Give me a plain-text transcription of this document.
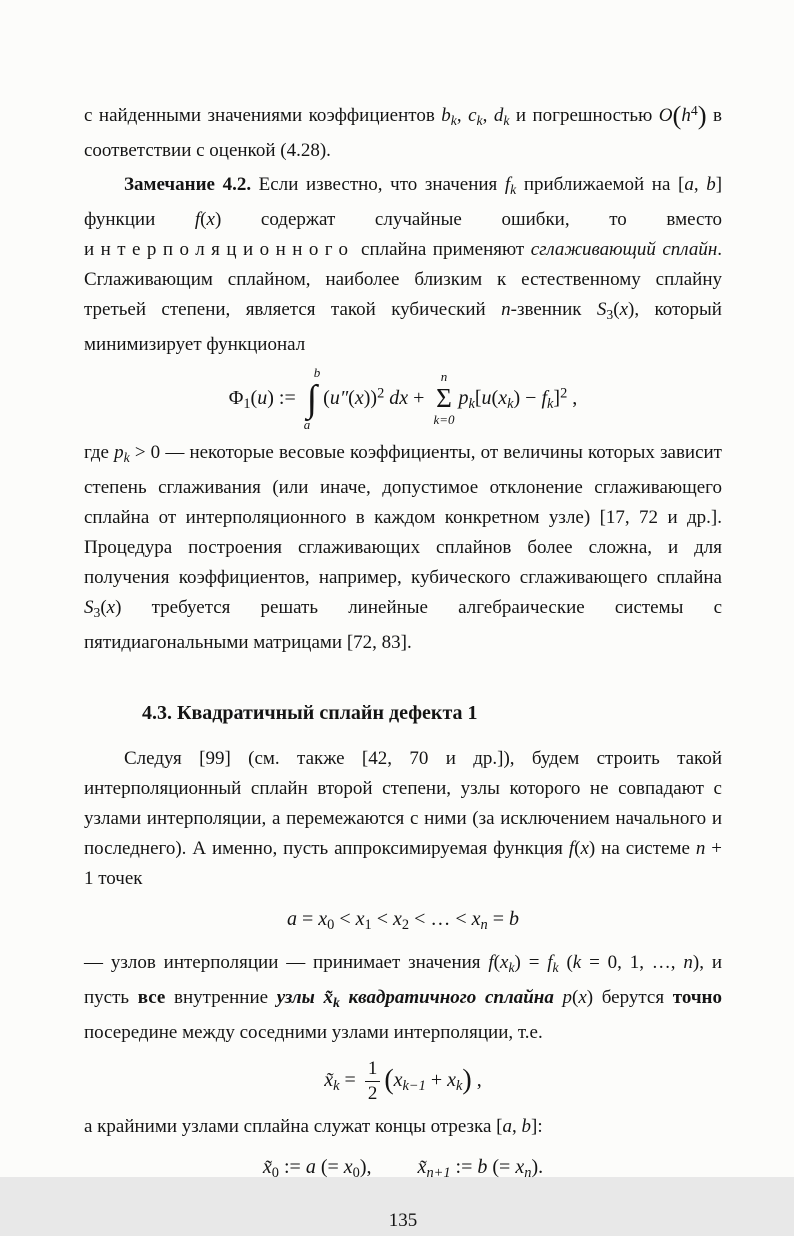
с найденными значениями коэффициентов $b_k$, $c_k$, $d_k$ и погрешностью $O(h^4)$ в соответствии с оценкой (4.28).

Замечание 4.2. Если известно, что значения $f_k$ приближаемой на [a, b] функции f(x) содержат случайные ошибки, то вместо интерполяционного сплайна применяют сглаживающий сплайн. Сглаживающим сплайном, наиболее близким к естественному сплайну третьей степени, является такой кубический n-звенник $S_3(x)$, который минимизирует функционал

$\Phi_1(u)$ :=
b
∫
a
$(u''(x))^2$ dx +
n
Σ
k=0
$p_k[u(x_k) - f_k]^2$ ,

где $p_k > 0$ — некоторые весовые коэффициенты, от величины которых зависит степень сглаживания (или иначе, допустимое отклонение сглаживающего сплайна от интерполяционного в каждом конкретном узле) [17, 72 и др.]. Процедура построения сглаживающих сплайнов более сложна, и для получения коэффициентов, например, кубического сглаживающего сплайна $S_3(x)$ требуется решать линейные алгебраические системы с пятидиагональными матрицами [72, 83].

4.3. Квадратичный сплайн дефекта 1

Следуя [99] (см. также [42, 70 и др.]), будем строить такой интерполяционный сплайн второй степени, узлы которого не совпадают с узлами интерполяции, а перемежаются с ними (за исключением начального и последнего). А именно, пусть аппроксимируемая функция f(x) на системе n + 1 точек

$a = x_0 < x_1 < x_2$ < … < $x_n = b$

— узлов интерполяции — принимает значения $f(x_k) = f_k$ (k = 0, 1, …, n), и пусть все внутренние узлы $x̃_k$ квадратичного сплайна p(x) берутся точно посередине между соседними узлами интерполяции, т.е.

$x̃_k = \frac{1}{2} (x_{k-1} + x_k)$ ,

а крайними узлами сплайна служат концы отрезка [a, b]:

$x̃_0$ := a (= $x_0$), $x̃_{n+1}$ := b (= $x_n$).
135
